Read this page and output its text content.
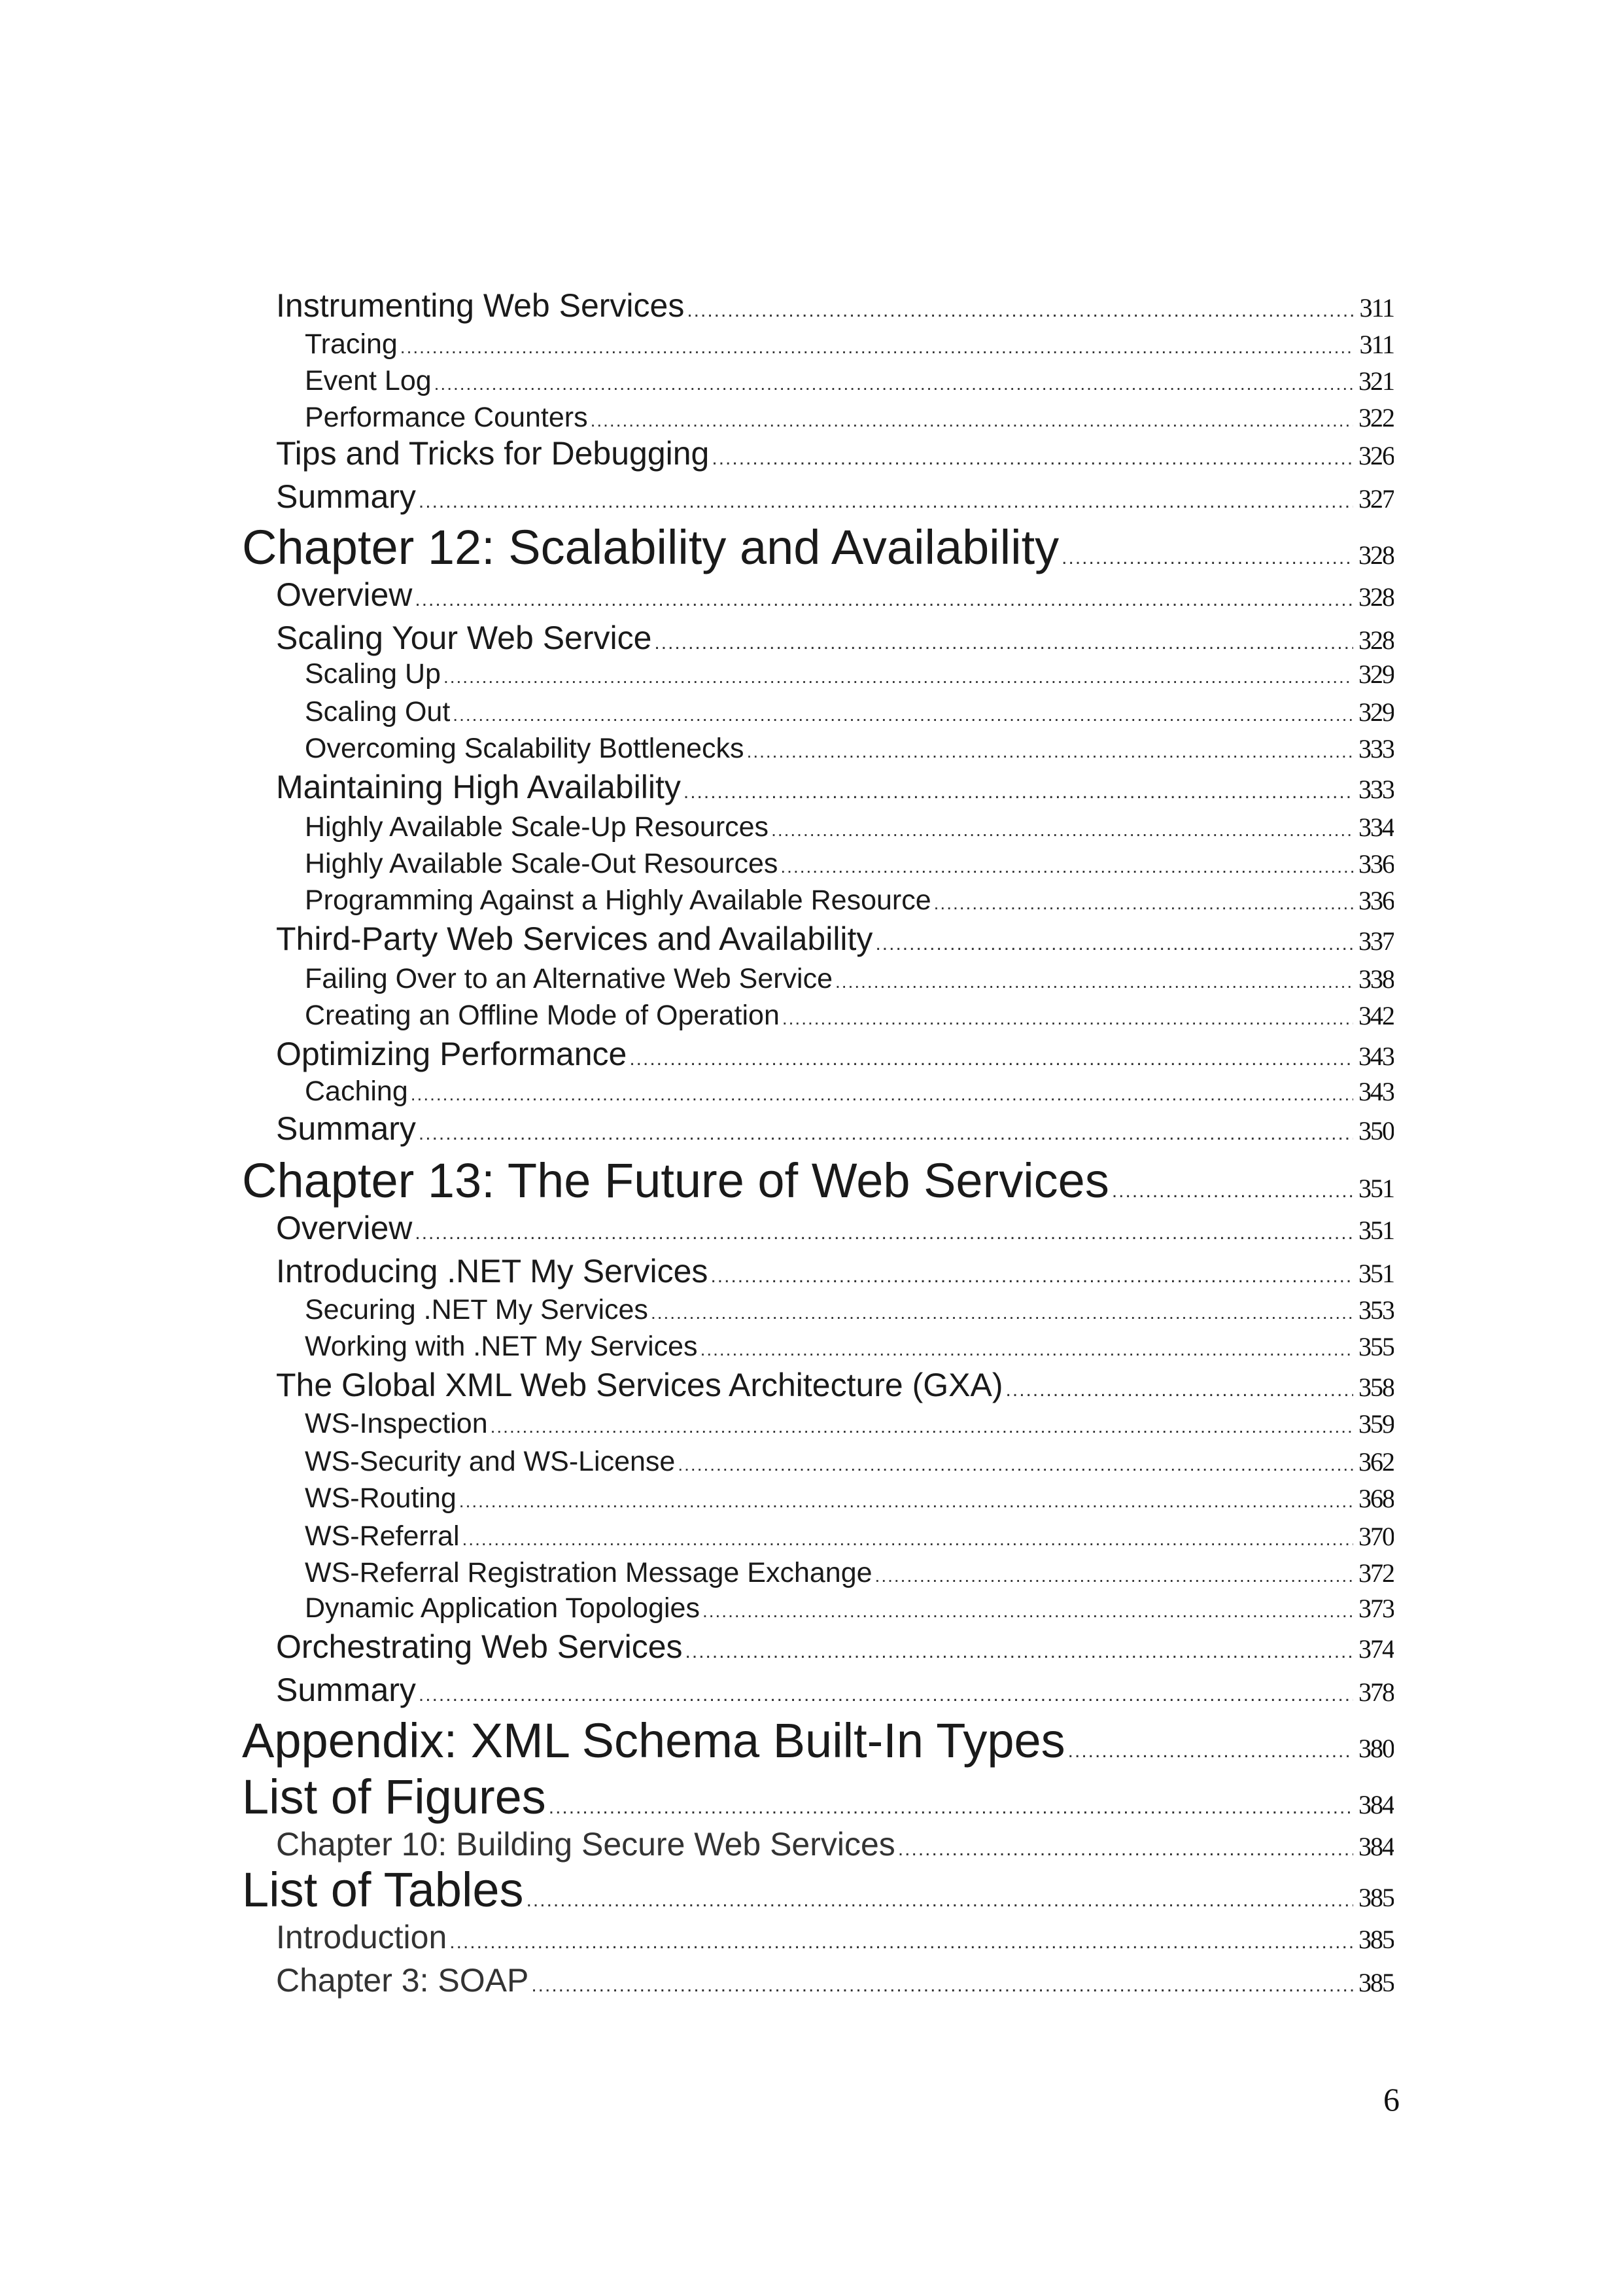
Instrumenting Web Services .....	311
Tracing .....	311
Event Log .....	321
Performance Counters .....	322
Tips and Tricks for Debugging .....	326
Summary .....	327
Chapter 12: Scalability and Availability .....	328
Overview .....	328
Scaling Your Web Service .....	328
Scaling Up .....	329
Scaling Out .....	329
Overcoming Scalability Bottlenecks .....	333
Maintaining High Availability .....	333
Highly Available Scale-Up Resources .....	334
Highly Available Scale-Out Resources .....	336
Programming Against a Highly Available Resource .....	336
Third-Party Web Services and Availability .....	337
Failing Over to an Alternative Web Service .....	338
Creating an Offline Mode of Operation .....	342
Optimizing Performance .....	343
Caching .....	343
Summary .....	350
Chapter 13: The Future of Web Services .....	351
Overview .....	351
Introducing .NET My Services .....	351
Securing .NET My Services .....	353
Working with .NET My Services .....	355
The Global XML Web Services Architecture (GXA) .....	358
WS-Inspection .....	359
WS-Security and WS-License .....	362
WS-Routing .....	368
WS-Referral .....	370
WS-Referral Registration Message Exchange .....	372
Dynamic Application Topologies .....	373
Orchestrating Web Services .....	374
Summary .....	378
Appendix: XML Schema Built-In Types .....	380
List of Figures .....	384
Chapter 10: Building Secure Web Services .....	384
List of Tables .....	385
Introduction .....	385
Chapter 3: SOAP .....	385
6
